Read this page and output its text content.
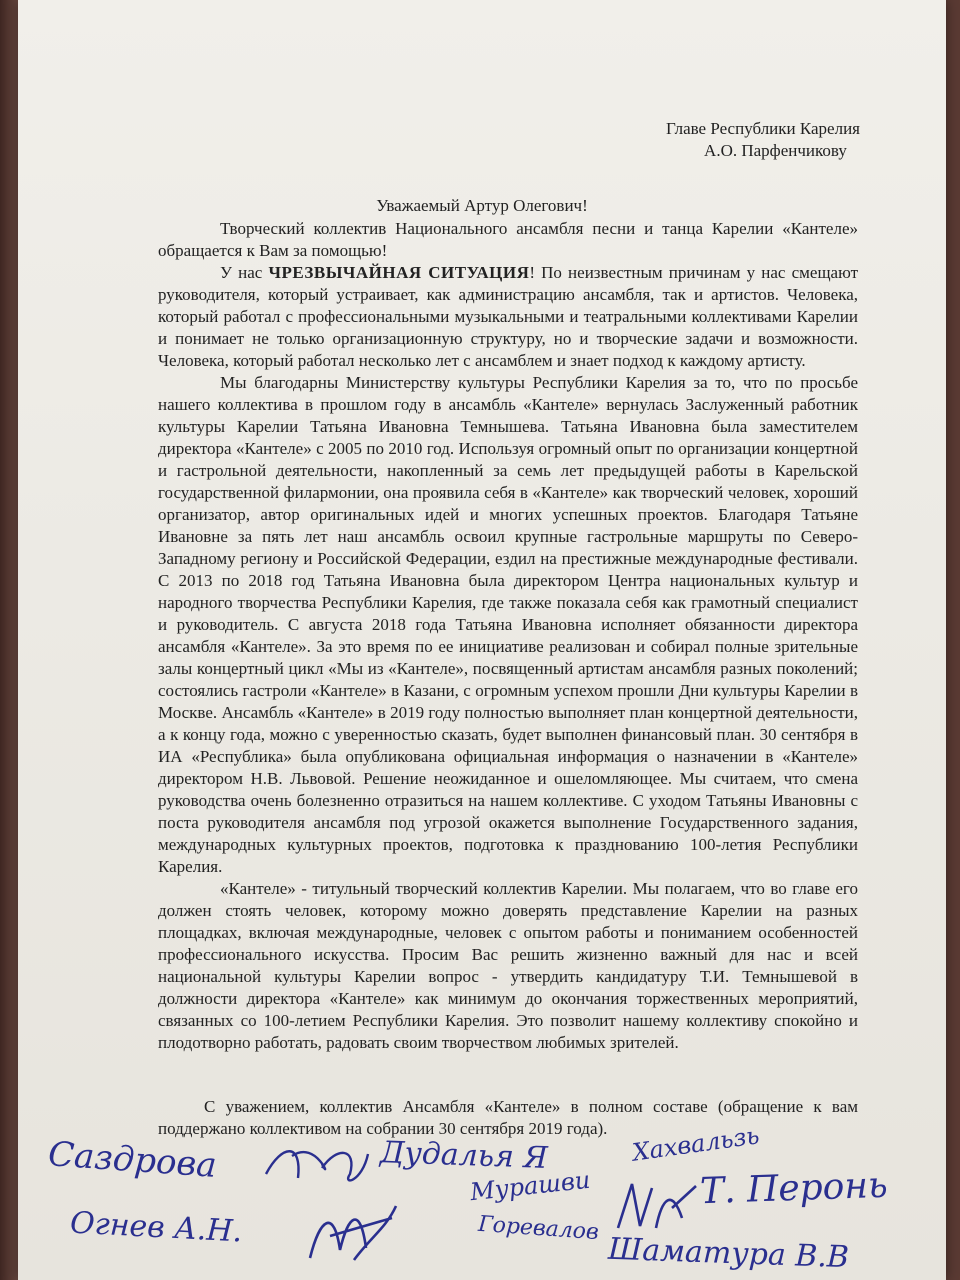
Главе Республики Карелия

А.О. Парфенчикову
Уважаемый Артур Олегович!

Творческий коллектив Национального ансамбля песни и танца Карелии «Кантеле» обращается к Вам за помощью!

У нас ЧРЕЗВЫЧАЙНАЯ СИТУАЦИЯ! По неизвестным причинам у нас смещают руководителя, который устраивает, как администрацию ансамбля, так и артистов. Человека, который работал с профессиональными музыкальными и театральными коллективами Карелии и понимает не только организационную структуру, но и творческие задачи и возможности. Человека, который работал несколько лет с ансамблем и знает подход к каждому артисту.

Мы благодарны Министерству культуры Республики Карелия за то, что по просьбе нашего коллектива в прошлом году в ансамбль «Кантеле» вернулась Заслуженный работник культуры Карелии Татьяна Ивановна Темнышева. Татьяна Ивановна была заместителем директора «Кантеле» с 2005 по 2010 год. Используя огромный опыт по организации концертной и гастрольной деятельности, накопленный за семь лет предыдущей работы в Карельской государственной филармонии, она проявила себя в «Кантеле» как творческий человек, хороший организатор, автор оригинальных идей и многих успешных проектов. Благодаря Татьяне Ивановне за пять лет наш ансамбль освоил крупные гастрольные маршруты по Северо-Западному региону и Российской Федерации, ездил на престижные международные фестивали. С 2013 по 2018 год Татьяна Ивановна была директором Центра национальных культур и народного творчества Республики Карелия, где также показала себя как грамотный специалист и руководитель. С августа 2018 года Татьяна Ивановна исполняет обязанности директора ансамбля «Кантеле». За это время по ее инициативе реализован и собирал полные зрительные залы концертный цикл «Мы из «Кантеле», посвященный артистам ансамбля разных поколений; состоялись гастроли «Кантеле» в Казани, с огромным успехом прошли Дни культуры Карелии в Москве. Ансамбль «Кантеле» в 2019 году полностью выполняет план концертной деятельности, а к концу года, можно с уверенностью сказать, будет выполнен финансовый план. 30 сентября в ИА «Республика» была опубликована официальная информация о назначении в «Кантеле» директором Н.В. Львовой. Решение неожиданное и ошеломляющее. Мы считаем, что смена руководства очень болезненно отразиться на нашем коллективе. С уходом Татьяны Ивановны с поста руководителя ансамбля под угрозой окажется выполнение Государственного задания, международных культурных проектов, подготовка к празднованию 100-летия Республики Карелия.

«Кантеле» - титульный творческий коллектив Карелии. Мы полагаем, что во главе его должен стоять человек, которому можно доверять представление Карелии на разных площадках, включая международные, человек с опытом работы и пониманием особенностей профессионального искусства. Просим Вас решить жизненно важный для нас и всей национальной культуры Карелии вопрос - утвердить кандидатуру Т.И. Темнышевой в должности директора «Кантеле» как минимум до окончания торжественных мероприятий, связанных со 100-летием Республики Карелия. Это позволит нашему коллективу спокойно и плодотворно работать, радовать своим творчеством любимых зрителей.

С уважением, коллектив Ансамбля «Кантеле» в полном составе (обращение к вам поддержано коллективом на собрании 30 сентября 2019 года).

Саздрова	Дудалья Я
Мурашви
Хахвальзь
Т. Перонь
Огнев А.Н.	Горевалов
Шаматура В.В
